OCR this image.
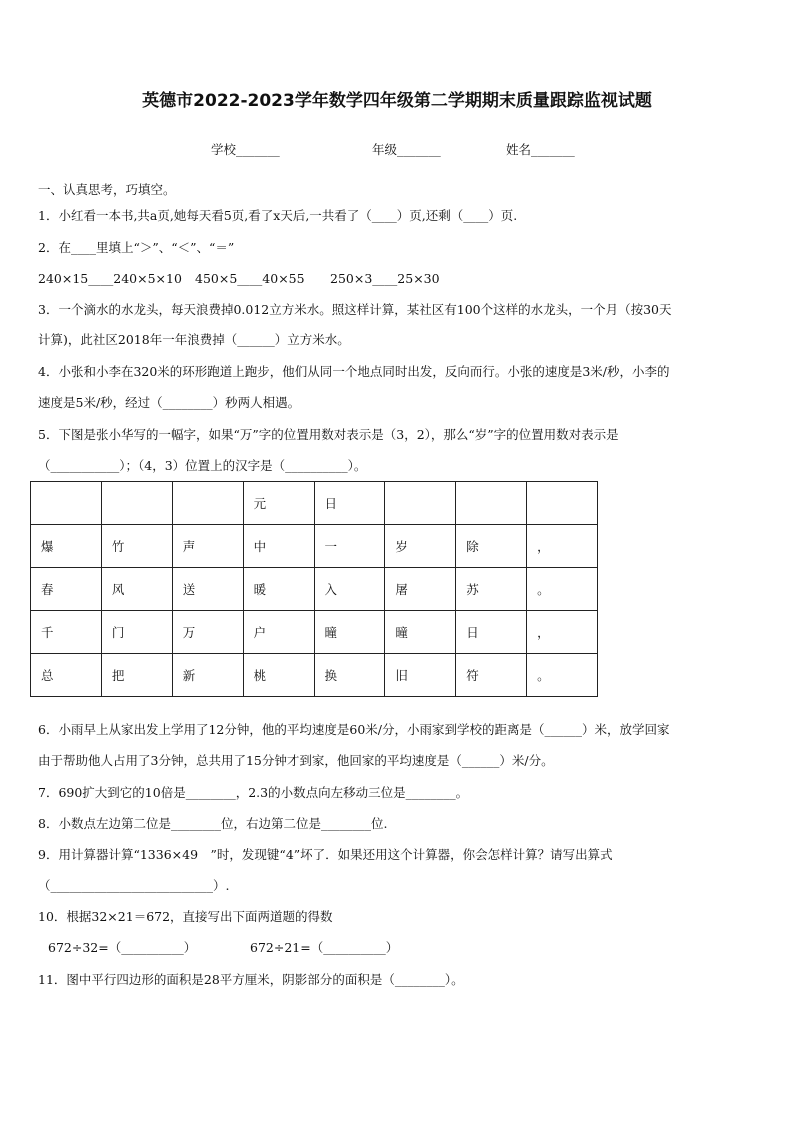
英德市2022-2023学年数学四年级第二学期期末质量跟踪监视试题
学校_______	年级_______	姓名_______
一、认真思考，巧填空。
1．小红看一本书,共a页,她每天看5页,看了x天后,一共看了（____）页,还剩（____）页.
2．在____里填上“＞”、“＜”、“＝”
240×15____240×5×10 450×5____40×55 250×3____25×30
3．一个滴水的水龙头，每天浪费掉0.012立方米水。照这样计算，某社区有100个这样的水龙头，一个月（按30天
计算)，此社区2018年一年浪费掉（______）立方米水。
4．小张和小李在320米的环形跑道上跑步，他们从同一个地点同时出发，反向而行。小张的速度是3米/秒，小李的
速度是5米/秒，经过（________）秒两人相遇。
5．下图是张小华写的一幅字，如果“万”字的位置用数对表示是（3，2），那么“岁”字的位置用数对表示是
（___________）；（4，3）位置上的汉字是（__________）。
			元	日			
爆	竹	声	中	一	岁	除	，
春	风	送	暖	入	屠	苏	。
千	门	万	户	曈	曈	日	，
总	把	新	桃	换	旧	符	。
6．小雨早上从家出发上学用了12分钟，他的平均速度是60米/分，小雨家到学校的距离是（______）米，放学回家
由于帮助他人占用了3分钟，总共用了15分钟才到家，他回家的平均速度是（______）米/分。
7．690扩大到它的10倍是________，2.3的小数点向左移动三位是________。
8．小数点左边第二位是________位，右边第二位是________位.
9．用计算器计算“1336×49　”时，发现键“4”坏了．如果还用这个计算器，你会怎样计算？请写出算式
（__________________________）.
10．根据32×21＝672，直接写出下面两道题的得数
672÷32=（__________）	672÷21=（__________）
11．图中平行四边形的面积是28平方厘米，阴影部分的面积是（________）。
